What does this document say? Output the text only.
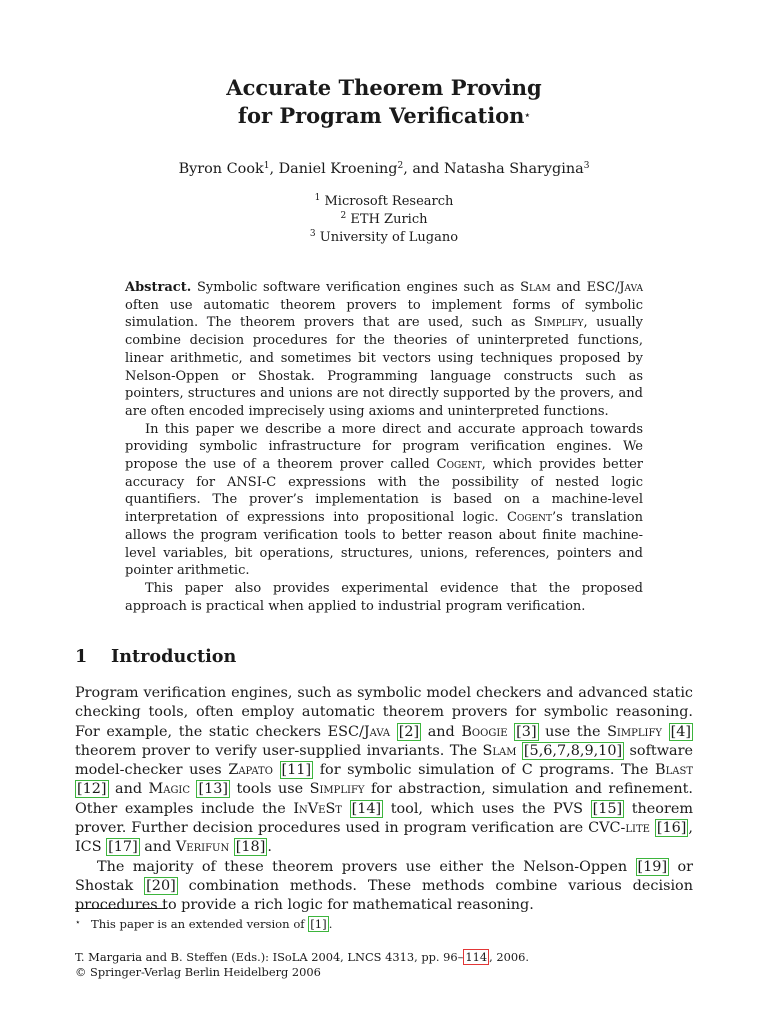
Accurate Theorem Proving
for Program Verification⋆
Byron Cook$^1$, Daniel Kroening$^2$, and Natasha Sharygina$^3$
$^1$ Microsoft Research
$^2$ ETH Zurich
$^3$ University of Lugano

Abstract. Symbolic software verification engines such as Slam and ESC/Java often use automatic theorem provers to implement forms of symbolic simulation. The theorem provers that are used, such as Simplify, usually combine decision procedures for the theories of uninterpreted functions, linear arithmetic, and sometimes bit vectors using techniques proposed by Nelson-Oppen or Shostak. Programming language constructs such as pointers, structures and unions are not directly supported by the provers, and are often encoded imprecisely using axioms and uninterpreted functions.

In this paper we describe a more direct and accurate approach towards providing symbolic infrastructure for program verification engines. We propose the use of a theorem prover called Cogent, which provides better accuracy for ANSI-C expressions with the possibility of nested logic quantifiers. The prover’s implementation is based on a machine-level interpretation of expressions into propositional logic. Cogent’s translation allows the program verification tools to better reason about finite machine-level variables, bit operations, structures, unions, references, pointers and pointer arithmetic.

This paper also provides experimental evidence that the proposed approach is practical when applied to industrial program verification.

1 Introduction

Program verification engines, such as symbolic model checkers and advanced static checking tools, often employ automatic theorem provers for symbolic reasoning. For example, the static checkers ESC/Java [2] and Boogie [3] use the Simplify [4] theorem prover to verify user-supplied invariants. The Slam [5,6,7,8,9,10] software model-checker uses Zapato [11] for symbolic simulation of C programs. The Blast [12] and Magic [13] tools use Simplify for abstraction, simulation and refinement. Other examples include the InVeSt [14] tool, which uses the PVS [15] theorem prover. Further decision procedures used in program verification are CVC-lite [16] , ICS [17] and Verifun [18] .

The majority of these theorem provers use either the Nelson-Oppen [19] or Shostak [20] combination methods. These methods combine various decision procedures to provide a rich logic for mathematical reasoning.

⋆ This paper is an extended version of [1] .
T. Margaria and B. Steffen (Eds.): ISoLA 2004, LNCS 4313, pp. 96– 114 , 2006.
© Springer-Verlag Berlin Heidelberg 2006
